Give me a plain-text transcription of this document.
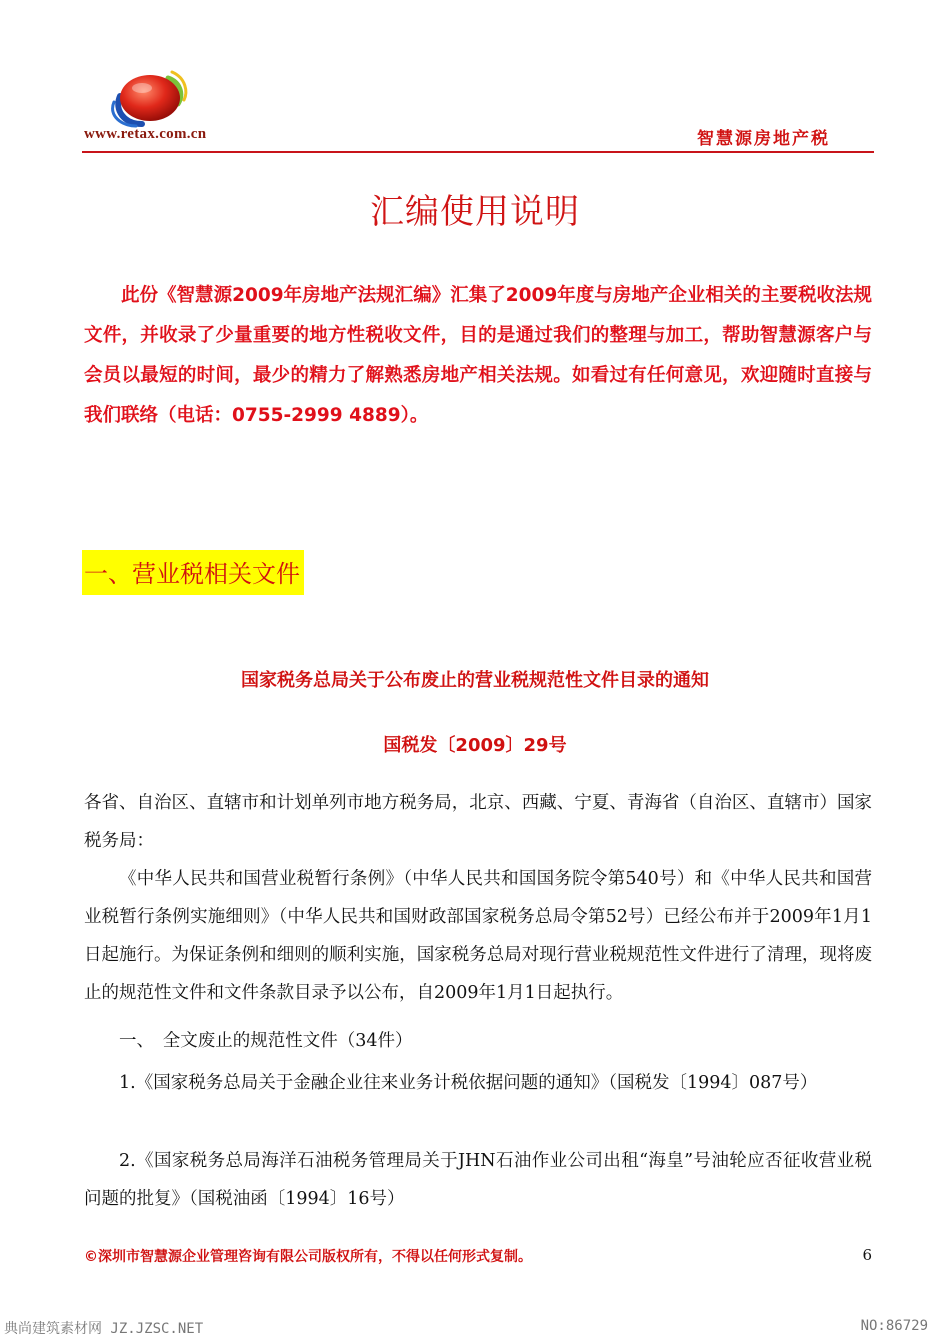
www.retax.com.cn	智慧源房地产税
汇编使用说明
此份《智慧源2009年房地产法规汇编》汇集了2009年度与房地产企业相关的主要税收法规文件，并收录了少量重要的地方性税收文件，目的是通过我们的整理与加工，帮助智慧源客户与会员以最短的时间，最少的精力了解熟悉房地产相关法规。如看过有任何意见，欢迎随时直接与我们联络（电话：0755-2999 4889）。
一、营业税相关文件
国家税务总局关于公布废止的营业税规范性文件目录的通知
国税发〔2009〕29号
各省、自治区、直辖市和计划单列市地方税务局，北京、西藏、宁夏、青海省（自治区、直辖市）国家税务局：
《中华人民共和国营业税暂行条例》（中华人民共和国国务院令第540号）和《中华人民共和国营业税暂行条例实施细则》（中华人民共和国财政部国家税务总局令第52号）已经公布并于2009年1月1日起施行。为保证条例和细则的顺利实施，国家税务总局对现行营业税规范性文件进行了清理，现将废止的规范性文件和文件条款目录予以公布，自2009年1月1日起执行。
一、　全文废止的规范性文件（34件）
1.《国家税务总局关于金融企业往来业务计税依据问题的通知》（国税发〔1994〕087号）
2.《国家税务总局海洋石油税务管理局关于JHN石油作业公司出租“海皇”号油轮应否征收营业税问题的批复》（国税油函〔1994〕16号）
©深圳市智慧源企业管理咨询有限公司版权所有，不得以任何形式复制。	6
典尚建筑素材网 JZ.JZSC.NET	NO:86729
